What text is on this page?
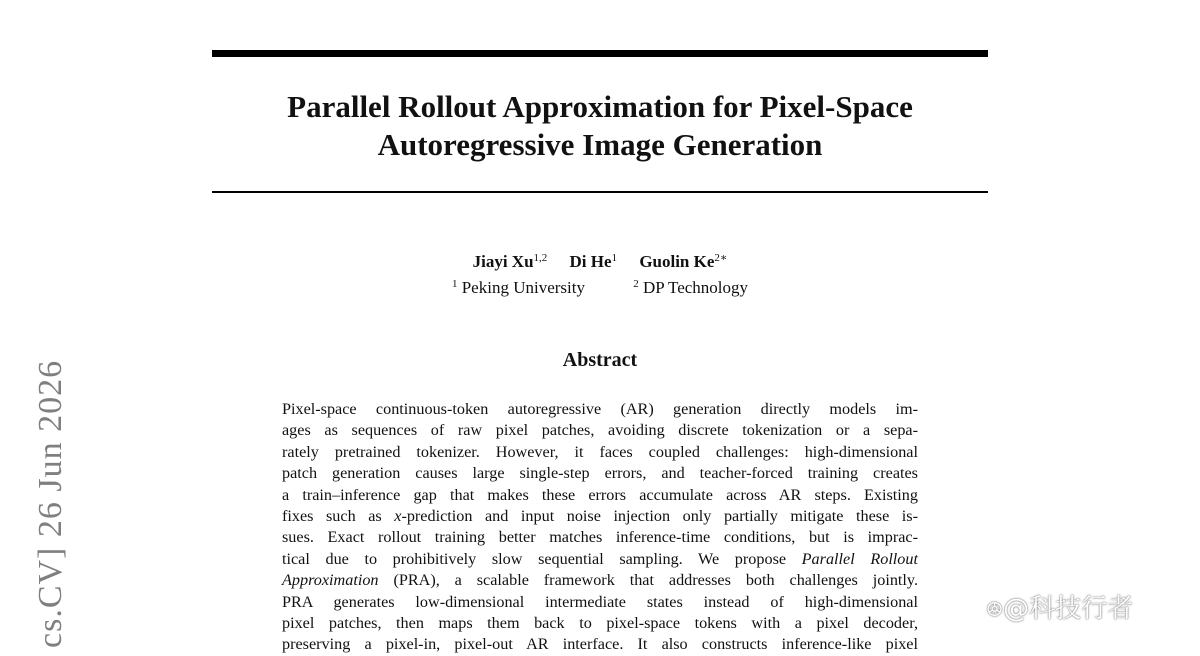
Parallel Rollout Approximation for Pixel-Space
Autoregressive Image Generation
Jiayi Xu$^{1,2}$ Di He$^1$ Guolin $Ke^{2∗}$
$^1$ Peking University	$^2$ DP Technology
Abstract
Pixel-space continuous-token autoregressive (AR) generation directly models im-
ages as sequences of raw pixel patches, avoiding discrete tokenization or a sepa-
rately pretrained tokenizer. However, it faces coupled challenges: high-dimensional
patch generation causes large single-step errors, and teacher-forced training creates
a train–inference gap that makes these errors accumulate across AR steps. Existing
fixes such as x-prediction and input noise injection only partially mitigate these is-
sues. Exact rollout training better matches inference-time conditions, but is imprac-
tical due to prohibitively slow sequential sampling. We propose Parallel Rollout
Approximation (PRA), a scalable framework that addresses both challenges jointly.
PRA generates low-dimensional intermediate states instead of high-dimensional
pixel patches, then maps them back to pixel-space tokens with a pixel decoder,
preserving a pixel-in, pixel-out AR interface. It also constructs inference-like pixel
cs.CV] 26 Jun 2026	ꔮ@科技行者
